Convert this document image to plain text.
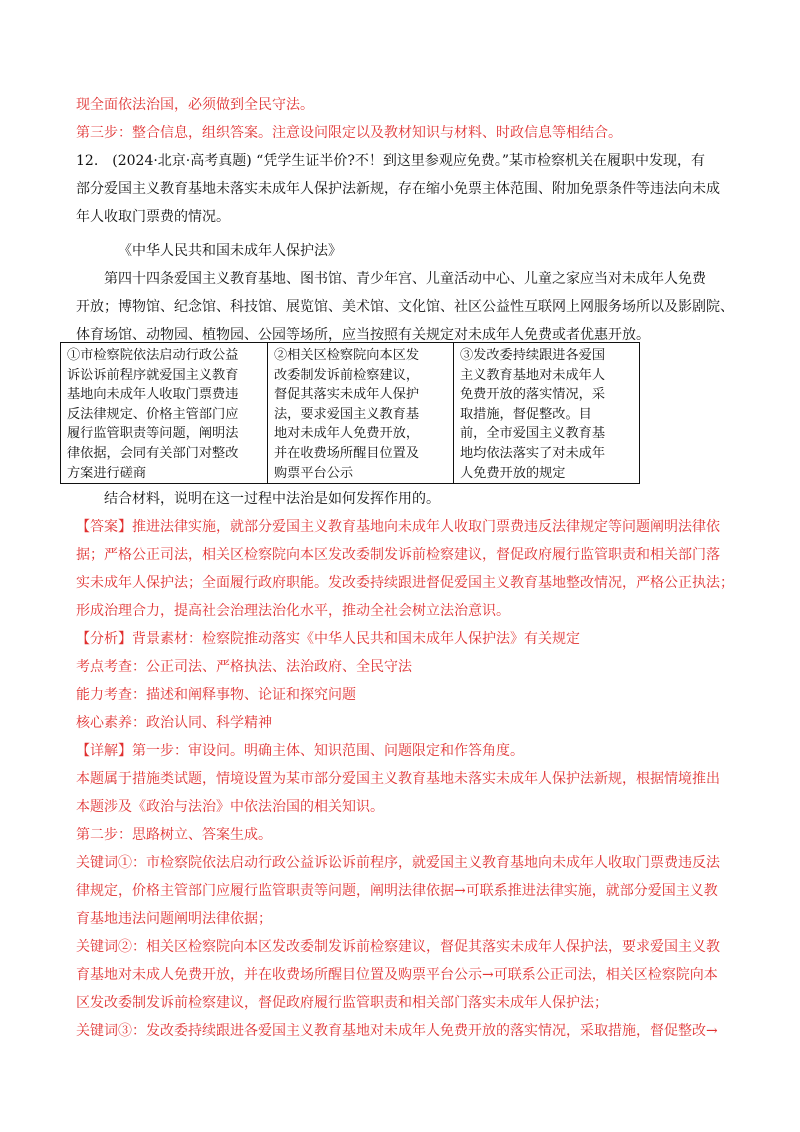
现全面依法治国，必须做到全民守法。
第三步：整合信息，组织答案。注意设问限定以及教材知识与材料、时政信息等相结合。
12.　(2024·北京·高考真题) “凭学生证半价?不！到这里参观应免费。”某市检察机关在履职中发现，有
部分爱国主义教育基地未落实未成年人保护法新规，存在缩小免票主体范围、附加免票条件等违法向未成
年人收取门票费的情况。
《中华人民共和国未成年人保护法》
第四十四条爱国主义教育基地、图书馆、青少年宫、儿童活动中心、儿童之家应当对未成年人免费
开放；博物馆、纪念馆、科技馆、展览馆、美术馆、文化馆、社区公益性互联网上网服务场所以及影剧院、
体育场馆、动物园、植物园、公园等场所，应当按照有关规定对未成年人免费或者优惠开放。
①市检察院依法启动行政公益
诉讼诉前程序就爱国主义教育
基地向未成年人收取门票费违
反法律规定、价格主管部门应
履行监管职责等问题，阐明法
律依据，会同有关部门对整改
方案进行磋商
②相关区检察院向本区发
改委制发诉前检察建议，
督促其落实未成年人保护
法，要求爱国主义教育基
地对未成年人免费开放，
并在收费场所醒目位置及
购票平台公示
③发改委持续跟进各爱国
主义教育基地对未成年人
免费开放的落实情况，采
取措施，督促整改。目
前，全市爱国主义教育基
地均依法落实了对未成年
人免费开放的规定
结合材料，说明在这一过程中法治是如何发挥作用的。
【答案】推进法律实施，就部分爱国主义教育基地向未成年人收取门票费违反法律规定等问题阐明法律依
据；严格公正司法，相关区检察院向本区发改委制发诉前检察建议，督促政府履行监管职责和相关部门落
实未成年人保护法；全面履行政府职能。发改委持续跟进督促爱国主义教育基地整改情况，严格公正执法；
形成治理合力，提高社会治理法治化水平，推动全社会树立法治意识。
【分析】背景素材：检察院推动落实《中华人民共和国未成年人保护法》有关规定
考点考查：公正司法、严格执法、法治政府、全民守法
能力考查：描述和阐释事物、论证和探究问题
核心素养：政治认同、科学精神
【详解】第一步：审设问。明确主体、知识范围、问题限定和作答角度。
本题属于措施类试题，情境设置为某市部分爱国主义教育基地未落实未成年人保护法新规，根据情境推出
本题涉及《政治与法治》中依法治国的相关知识。
第二步：思路树立、答案生成。
关键词①：市检察院依法启动行政公益诉讼诉前程序，就爱国主义教育基地向未成年人收取门票费违反法
律规定，价格主管部门应履行监管职责等问题，阐明法律依据→可联系推进法律实施，就部分爱国主义教
育基地违法问题阐明法律依据；
关键词②：相关区检察院向本区发改委制发诉前检察建议，督促其落实未成年人保护法，要求爱国主义教
育基地对未成人免费开放，并在收费场所醒目位置及购票平台公示→可联系公正司法，相关区检察院向本
区发改委制发诉前检察建议，督促政府履行监管职责和相关部门落实未成年人保护法；
关键词③：发改委持续跟进各爱国主义教育基地对未成年人免费开放的落实情况，采取措施，督促整改→
